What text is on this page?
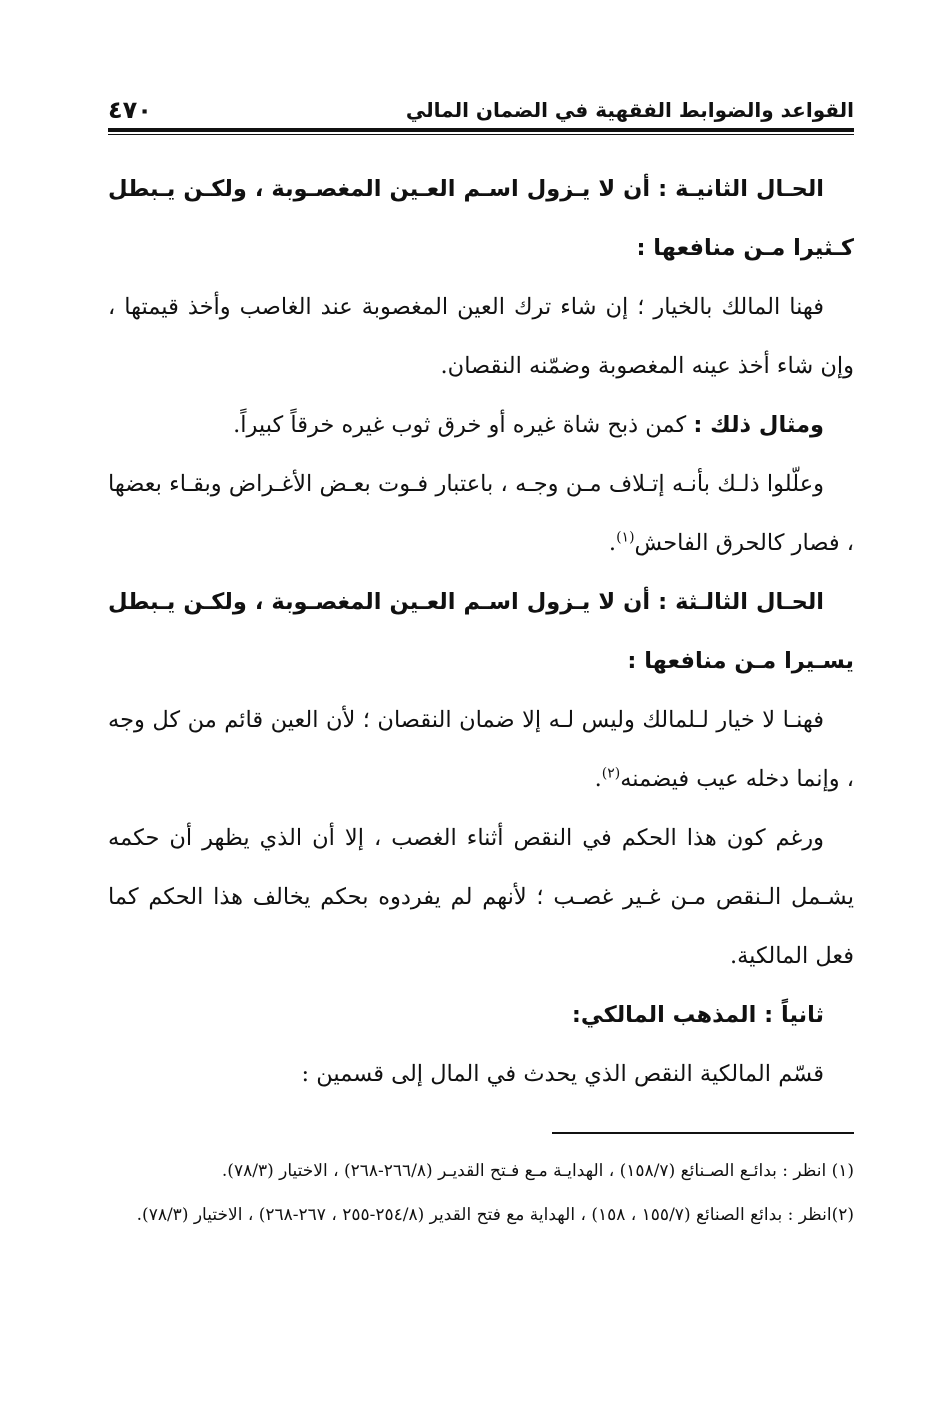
القواعد والضوابط الفقهية في الضمان المالي
٤٧٠

الحـال الثانيـة : أن لا يـزول اسـم العـين المغصـوبة ، ولكـن يـبطل كـثيرا مـن منافعها :

فهنا المالك بالخيار ؛ إن شاء ترك العين المغصوبة عند الغاصب وأخذ قيمتها ، وإن شاء أخذ عينه المغصوبة وضمّنه النقصان.

ومثال ذلك : كمن ذبح شاة غيره أو خرق ثوب غيره خرقاً كبيراً.

وعلّلوا ذلـك بأنـه إتـلاف مـن وجـه ، باعتبار فـوت بعـض الأغـراض وبقـاء بعضها ، فصار كالحرق الفاحش$^{(١)}$.

الحـال الثالـثة : أن لا يـزول اسـم العـين المغصـوبة ، ولكـن يـبطل يسـيرا مـن منافعها :

فهنـا لا خيار لـلمالك وليس لـه إلا ضمان النقصان ؛ لأن العين قائم من كل وجه ، وإنما دخله عيب فيضمنه$^{(٢)}$.

ورغم كون هذا الحكم في النقص أثناء الغصب ، إلا أن الذي يظهر أن حكمه يشـمل الـنقص مـن غـير غصـب ؛ لأنهم لم يفردوه بحكم يخالف هذا الحكم كما فعل المالكية.

ثانياً : المذهب المالكي:

قسّم المالكية النقص الذي يحدث في المال إلى قسمين :

(١) انظر : بدائـع الصـنائع (١٥٨/٧) ، الهدايـة مـع فـتح القديـر (٢٦٦/٨-٢٦٨) ، الاختيار (٧٨/٣).

(٢)انظر : بدائع الصنائع (١٥٥/٧ ، ١٥٨) ، الهداية مع فتح القدير (٢٥٤/٨-٢٥٥ ، ٢٦٧-٢٦٨) ، الاختيار (٧٨/٣).
